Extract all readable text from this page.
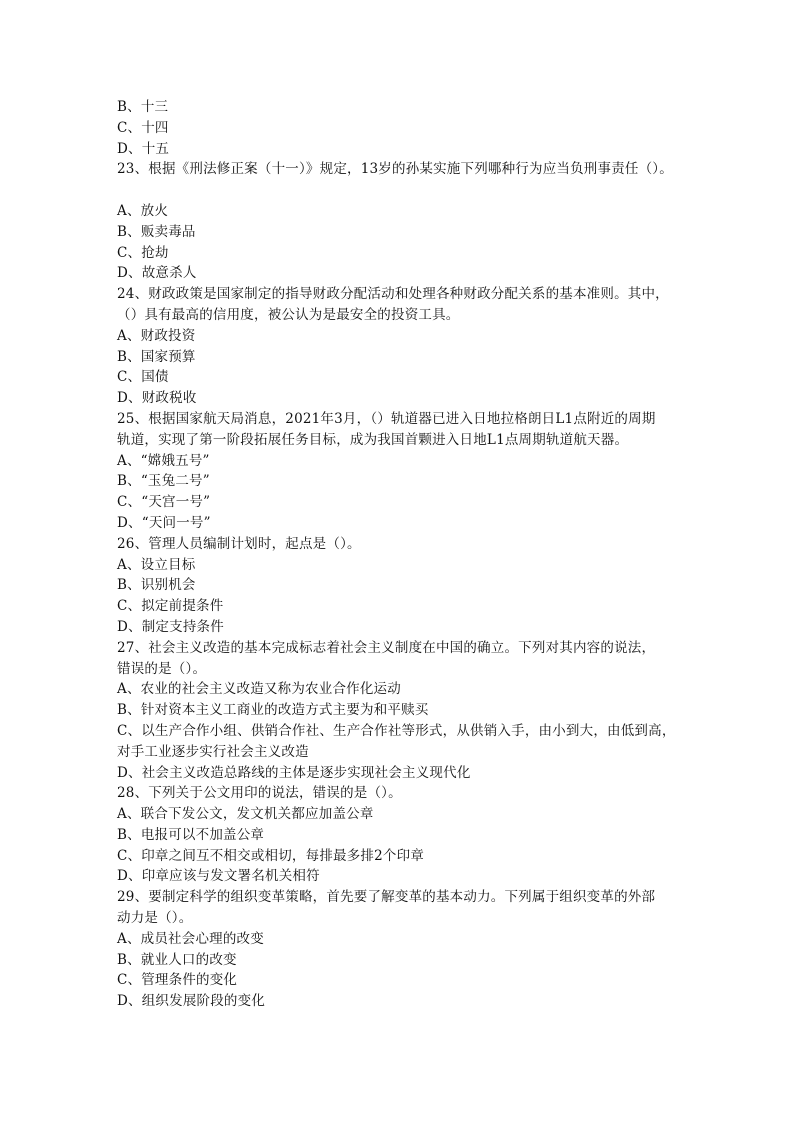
B、十三
C、十四
D、十五
23、根据《刑法修正案（十一）》规定，13岁的孙某实施下列哪种行为应当负刑事责任（）。
A、放火
B、贩卖毒品
C、抢劫
D、故意杀人
24、财政政策是国家制定的指导财政分配活动和处理各种财政分配关系的基本准则。其中，
（）具有最高的信用度，被公认为是最安全的投资工具。
A、财政投资
B、国家预算
C、国债
D、财政税收
25、根据国家航天局消息，2021年3月，（）轨道器已进入日地拉格朗日L1点附近的周期
轨道，实现了第一阶段拓展任务目标，成为我国首颗进入日地L1点周期轨道航天器。
A、“嫦娥五号”
B、“玉兔二号”
C、“天宫一号”
D、“天问一号”
26、管理人员编制计划时，起点是（）。
A、设立目标
B、识别机会
C、拟定前提条件
D、制定支持条件
27、社会主义改造的基本完成标志着社会主义制度在中国的确立。下列对其内容的说法，
错误的是（）。
A、农业的社会主义改造又称为农业合作化运动
B、针对资本主义工商业的改造方式主要为和平赎买
C、以生产合作小组、供销合作社、生产合作社等形式，从供销入手，由小到大，由低到高，
对手工业逐步实行社会主义改造
D、社会主义改造总路线的主体是逐步实现社会主义现代化
28、下列关于公文用印的说法，错误的是（）。
A、联合下发公文，发文机关都应加盖公章
B、电报可以不加盖公章
C、印章之间互不相交或相切，每排最多排2个印章
D、印章应该与发文署名机关相符
29、要制定科学的组织变革策略，首先要了解变革的基本动力。下列属于组织变革的外部
动力是（）。
A、成员社会心理的改变
B、就业人口的改变
C、管理条件的变化
D、组织发展阶段的变化
